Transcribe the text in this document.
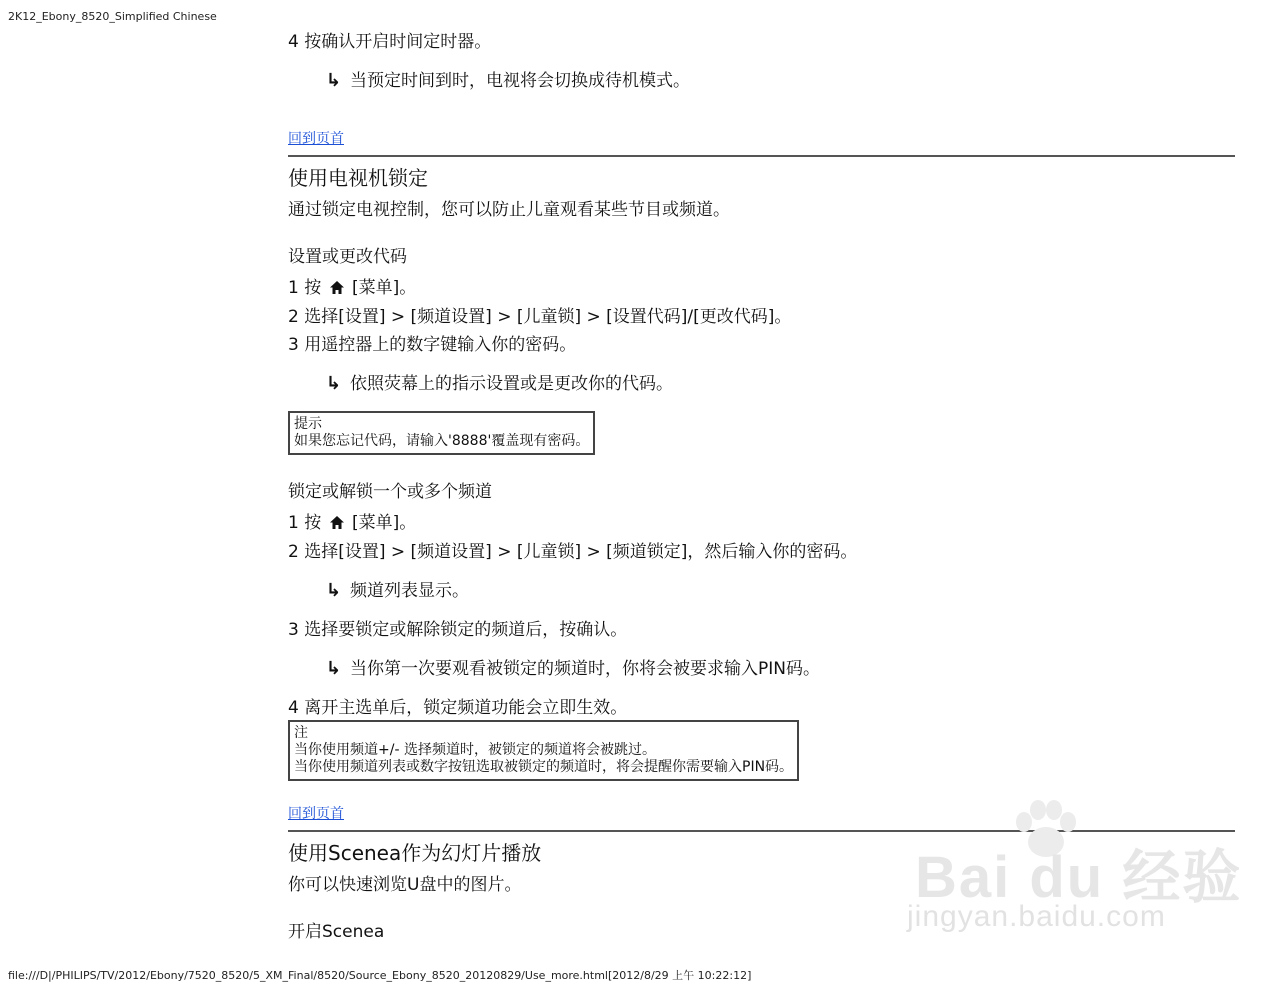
2K12_Ebony_8520_Simplified Chinese
4 按确认开启时间定时器。
↳ 当预定时间到时，电视将会切换成待机模式。
回到页首
使用电视机锁定
通过锁定电视控制，您可以防止儿童观看某些节目或频道。
设置或更改代码
1 按 [菜单]。
2 选择[设置] > [频道设置] > [儿童锁] > [设置代码]/[更改代码]。
3 用遥控器上的数字键输入你的密码。
↳ 依照荧幕上的指示设置或是更改你的代码。
提示
如果您忘记代码，请输入'8888'覆盖现有密码。
锁定或解锁一个或多个频道
1 按 [菜单]。
2 选择[设置] > [频道设置] > [儿童锁] > [频道锁定]，然后输入你的密码。
↳ 频道列表显示。
3 选择要锁定或解除锁定的频道后，按确认。
↳ 当你第一次要观看被锁定的频道时，你将会被要求输入PIN码。
4 离开主选单后，锁定频道功能会立即生效。
注
当你使用频道+/- 选择频道时，被锁定的频道将会被跳过。
当你使用频道列表或数字按钮选取被锁定的频道时，将会提醒你需要输入PIN码。
回到页首
使用Scenea作为幻灯片播放
你可以快速浏览U盘中的图片。
开启Scenea
Bai du 经验
jingyan.baidu.com
file:///D|/PHILIPS/TV/2012/Ebony/7520_8520/5_XM_Final/8520/Source_Ebony_8520_20120829/Use_more.html[2012/8/29 上午 10:22:12]
